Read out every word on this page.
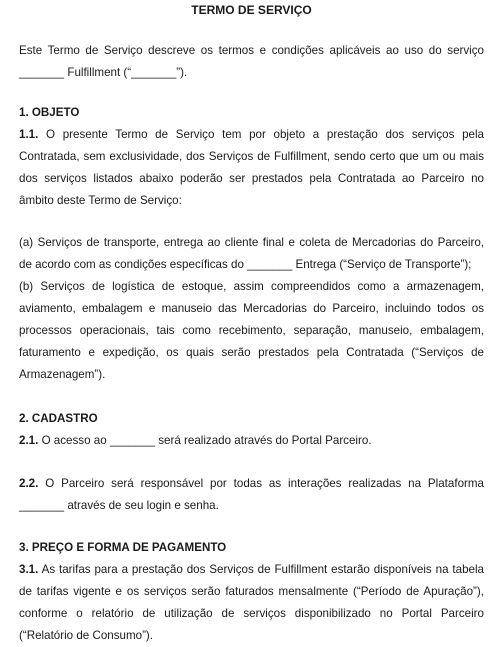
TERMO DE SERVIÇO

Este Termo de Serviço descreve os termos e condições aplicáveis ao uso do serviço _______ Fulfillment (“_______”).

1. OBJETO

1.1. O presente Termo de Serviço tem por objeto a prestação dos serviços pela Contratada, sem exclusividade, dos Serviços de Fulfillment, sendo certo que um ou mais dos serviços listados abaixo poderão ser prestados pela Contratada ao Parceiro no âmbito deste Termo de Serviço:

(a) Serviços de transporte, entrega ao cliente final e coleta de Mercadorias do Parceiro, de acordo com as condições específicas do _______ Entrega (“Serviço de Transporte”);

(b) Serviços de logística de estoque, assim compreendidos como a armazenagem, aviamento, embalagem e manuseio das Mercadorias do Parceiro, incluindo todos os processos operacionais, tais como recebimento, separação, manuseio, embalagem, faturamento e expedição, os quais serão prestados pela Contratada (“Serviços de Armazenagem”).

2. CADASTRO

2.1. O acesso ao _______ será realizado através do Portal Parceiro.

2.2. O Parceiro será responsável por todas as interações realizadas na Plataforma _______ através de seu login e senha.

3. PREÇO E FORMA DE PAGAMENTO

3.1. As tarifas para a prestação dos Serviços de Fulfillment estarão disponíveis na tabela de tarifas vigente e os serviços serão faturados mensalmente (“Período de Apuração”), conforme o relatório de utilização de serviços disponibilizado no Portal Parceiro (“Relatório de Consumo”).
